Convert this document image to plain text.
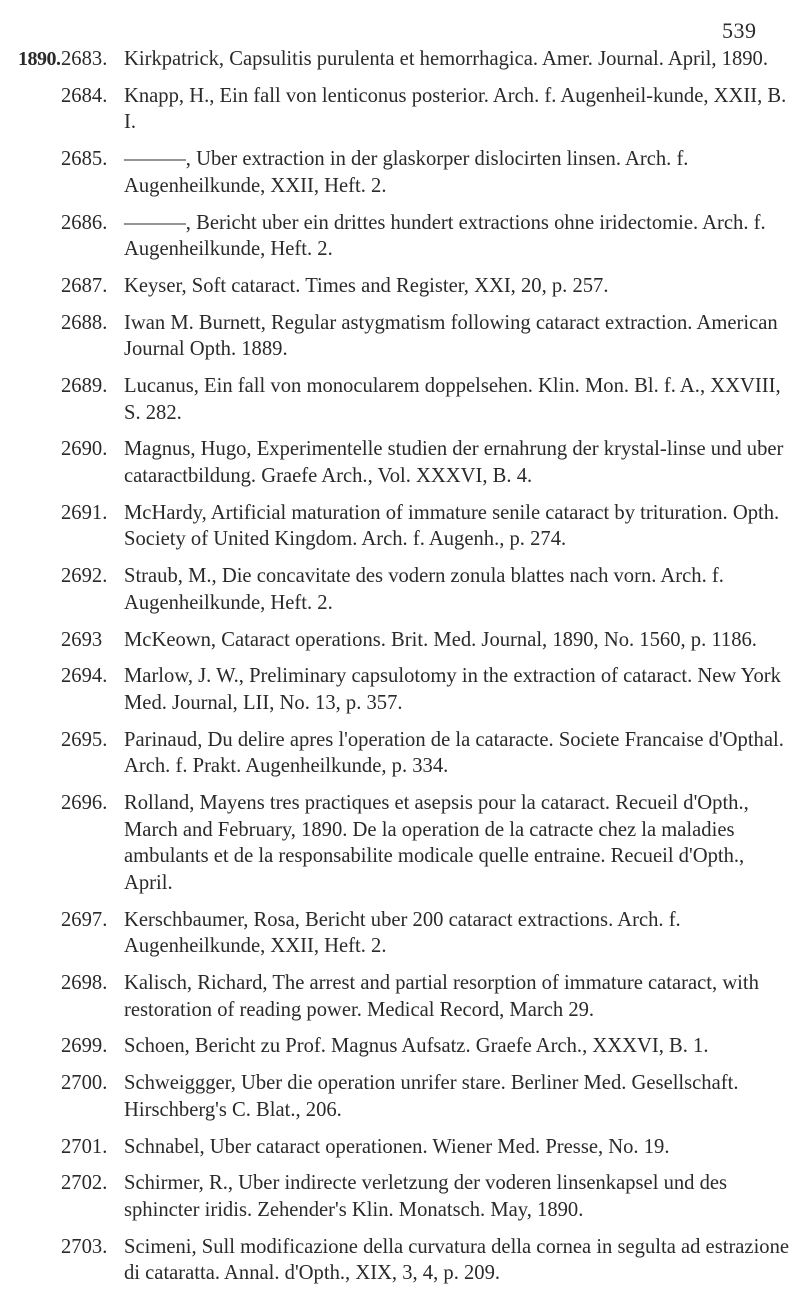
539
1890. 2683. Kirkpatrick, Capsulitis purulenta et hemorrhagica. Amer. Journal. April, 1890.
2684. Knapp, H., Ein fall von lenticonus posterior. Arch. f. Augenheil-kunde, XXII, B. I.
2685. ———, Uber extraction in der glaskorper dislocirten linsen. Arch. f. Augenheilkunde, XXII, Heft. 2.
2686. ———, Bericht uber ein drittes hundert extractions ohne iridectomie. Arch. f. Augenheilkunde, Heft. 2.
2687. Keyser, Soft cataract. Times and Register, XXI, 20, p. 257.
2688. Iwan M. Burnett, Regular astygmatism following cataract extraction. American Journal Opth. 1889.
2689. Lucanus, Ein fall von monocularem doppelsehen. Klin. Mon. Bl. f. A., XXVIII, S. 282.
2690. Magnus, Hugo, Experimentelle studien der ernahrung der krystal-linse und uber cataractbildung. Graefe Arch., Vol. XXXVI, B. 4.
2691. McHardy, Artificial maturation of immature senile cataract by trituration. Opth. Society of United Kingdom. Arch. f. Augenh., p. 274.
2692. Straub, M., Die concavitate des vodern zonula blattes nach vorn. Arch. f. Augenheilkunde, Heft. 2.
2693	McKeown, Cataract operations. Brit. Med. Journal, 1890, No. 1560, p. 1186.
2694. Marlow, J. W., Preliminary capsulotomy in the extraction of cataract. New York Med. Journal, LII, No. 13, p. 357.
2695. Parinaud, Du delire apres l'operation de la cataracte. Societe Francaise d'Opthal. Arch. f. Prakt. Augenheilkunde, p. 334.
2696. Rolland, Mayens tres practiques et asepsis pour la cataract. Recueil d'Opth., March and February, 1890. De la operation de la catracte chez la maladies ambulants et de la responsabilite modicale quelle entraine. Recueil d'Opth., April.
2697. Kerschbaumer, Rosa, Bericht uber 200 cataract extractions. Arch. f. Augenheilkunde, XXII, Heft. 2.
2698. Kalisch, Richard, The arrest and partial resorption of immature cataract, with restoration of reading power. Medical Record, March 29.
2699. Schoen, Bericht zu Prof. Magnus Aufsatz. Graefe Arch., XXXVI, B. 1.
2700. Schweiggger, Uber die operation unrifer stare. Berliner Med. Gesellschaft. Hirschberg's C. Blat., 206.
2701. Schnabel, Uber cataract operationen. Wiener Med. Presse, No. 19.
2702. Schirmer, R., Uber indirecte verletzung der voderen linsenkapsel und des sphincter iridis. Zehender's Klin. Monatsch. May, 1890.
2703. Scimeni, Sull modificazione della curvatura della cornea in segulta ad estrazione di cataratta. Annal. d'Opth., XIX, 3, 4, p. 209.
